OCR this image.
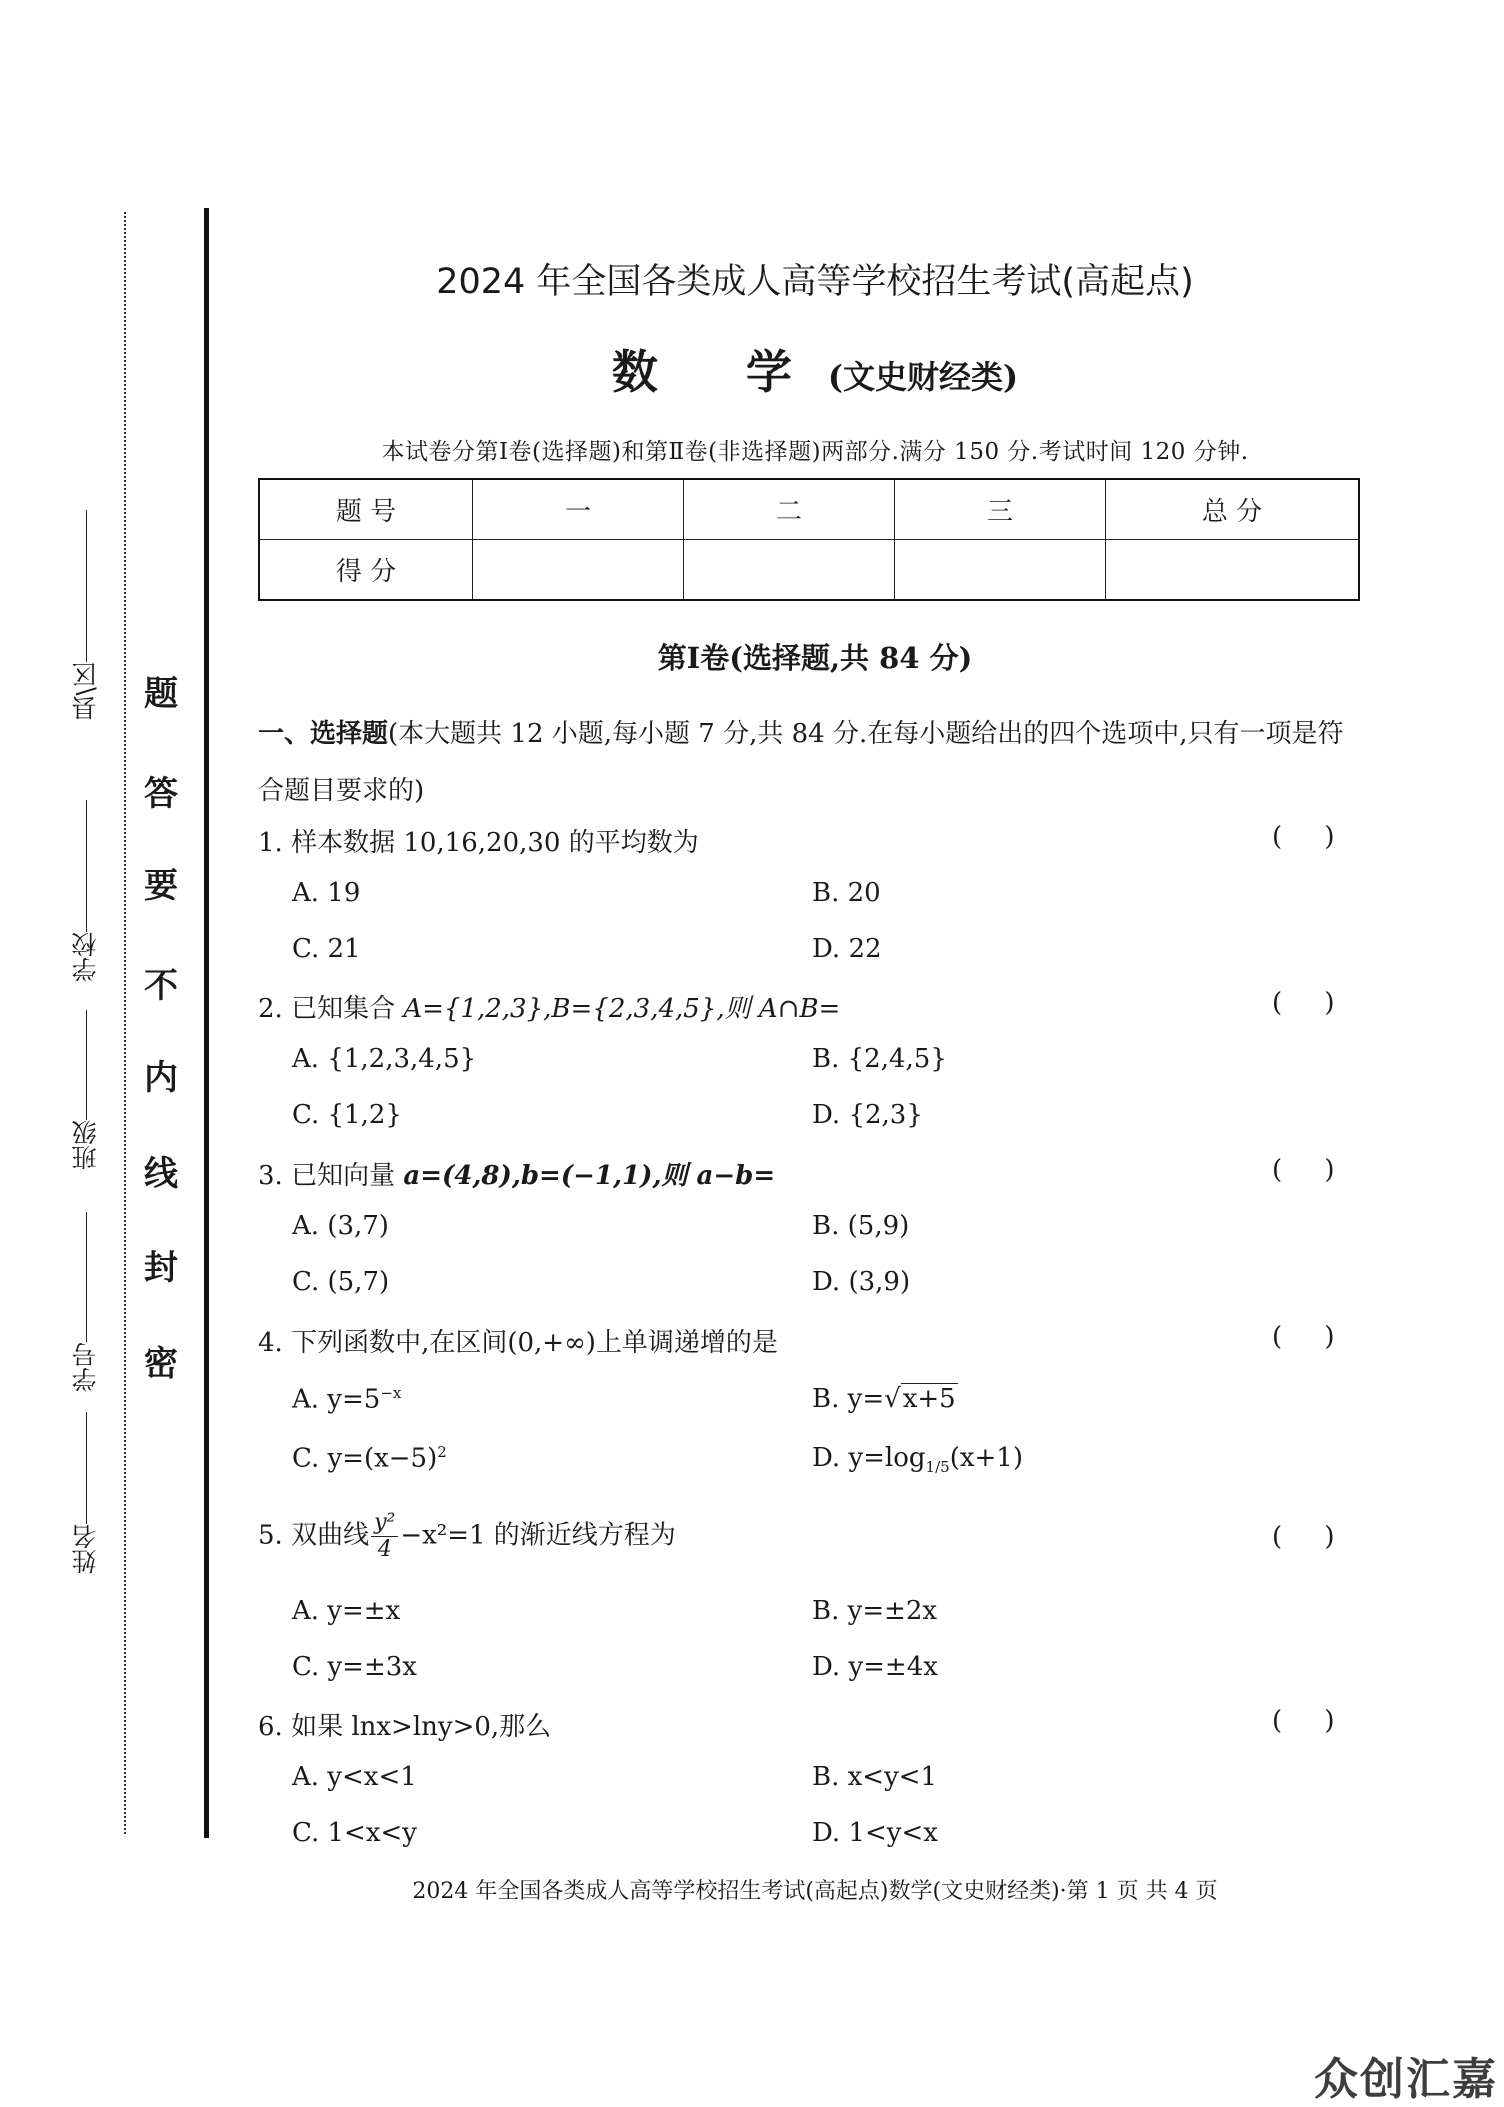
县\区
学校
班级
学号
姓名
题
答
要
不
内
线
封
密
2024 年全国各类成人高等学校招生考试(高起点)
数 学(文史财经类)
本试卷分第Ⅰ卷(选择题)和第Ⅱ卷(非选择题)两部分.满分 150 分.考试时间 120 分钟.
题 号	一	二	三	总 分
得 分				
第Ⅰ卷(选择题,共 84 分)
一、选择题(本大题共 12 小题,每小题 7 分,共 84 分.在每小题给出的四个选项中,只有一项是符合题目要求的)
1. 样本数据 10,16,20,30 的平均数为	( )
A. 19	B. 20
C. 21	D. 22
2. 已知集合 A={1,2,3},B={2,3,4,5},则 A∩B=	( )
A. {1,2,3,4,5}	B. {2,4,5}
C. {1,2}	D. {2,3}
3. 已知向量 a=(4,8),b=(−1,1),则 a−b=	( )
A. (3,7)	B. (5,9)
C. (5,7)	D. (3,9)
4. 下列函数中,在区间(0,+∞)上单调递增的是	( )
A. $y=5^{-x}$	B. y=√x+5
C. $y=(x-5)^2$	D. $y=\log_{1/5}(x+1)$
5. 双曲线 $\frac{\text{y²}}{4} -x^2=1$ 的渐近线方程为	( )
A. y=±x	B. y=±2x
C. y=±3x	D. y=±4x
6. 如果 lnx>lny>0,那么	( )
A. y<x<1	B. x<y<1
C. 1<x<y	D. 1<y<x
2024 年全国各类成人高等学校招生考试(高起点)数学(文史财经类)·第 1 页 共 4 页
众创汇嘉
